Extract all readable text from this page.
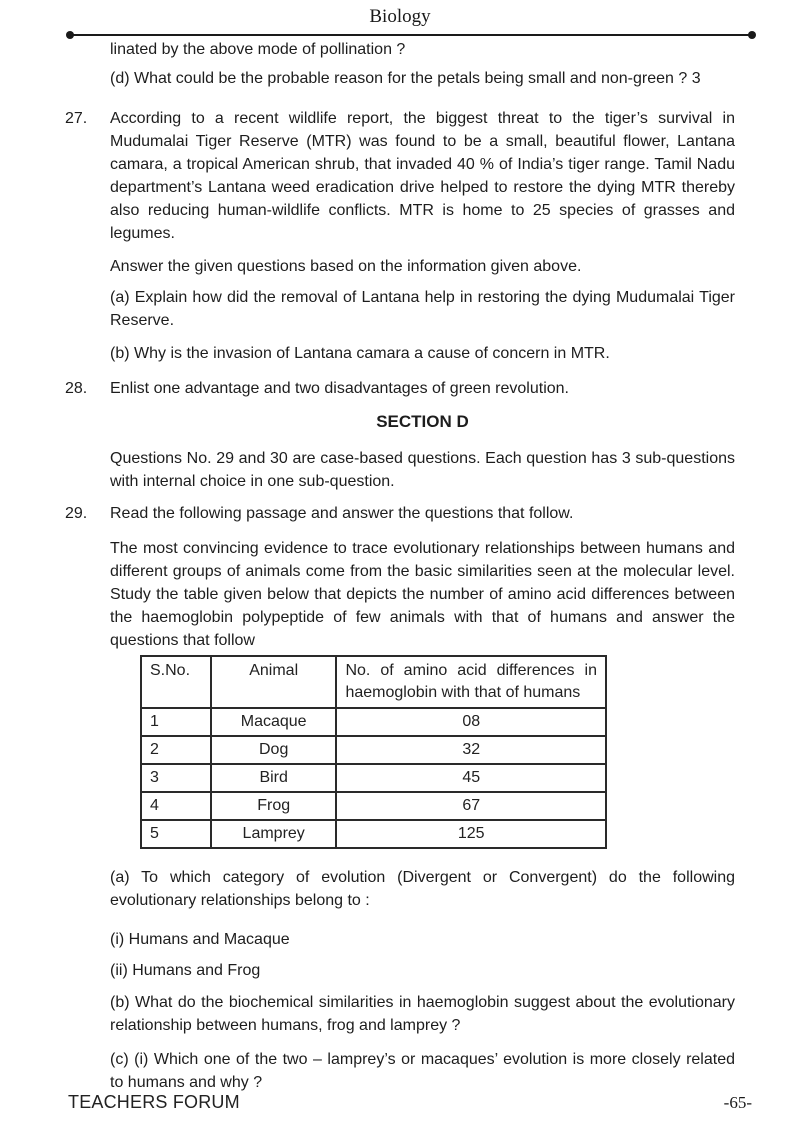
Biology

linated by the above mode of pollination ?

(d) What could be the probable reason for the petals being small and non-green ? 3

27. According to a recent wildlife report, the biggest threat to the tiger’s survival in Mudumalai Tiger Reserve (MTR) was found to be a small, beautiful flower, Lantana camara, a tropical American shrub, that invaded 40 % of India’s tiger range. Tamil Nadu department’s Lantana weed eradication drive helped to restore the dying MTR thereby also reducing human-wildlife conflicts. MTR is home to 25 species of grasses and legumes.

Answer the given questions based on the information given above.

(a) Explain how did the removal of Lantana help in restoring the dying Mudumalai Tiger Reserve.

(b) Why is the invasion of Lantana camara a cause of concern in MTR.

28. Enlist one advantage and two disadvantages of green revolution.
SECTION D

Questions No. 29 and 30 are case-based questions. Each question has 3 sub-questions with internal choice in one sub-question.

29. Read the following passage and answer the questions that follow.

The most convincing evidence to trace evolutionary relationships between humans and different groups of animals come from the basic similarities seen at the molecular level. Study the table given below that depicts the number of amino acid differences between the haemoglobin polypeptide of few animals with that of humans and answer the questions that follow

S.No.	Animal	No. of amino acid differences in haemoglobin with that of humans
1	Macaque	08
2	Dog	32
3	Bird	45
4	Frog	67
5	Lamprey	125

(a) To which category of evolution (Divergent or Convergent) do the following evolutionary relationships belong to :

(i) Humans and Macaque

(ii) Humans and Frog

(b) What do the biochemical similarities in haemoglobin suggest about the evolutionary relationship between humans, frog and lamprey ?

(c) (i) Which one of the two – lamprey’s or macaques’ evolution is more closely related to humans and why ?

TEACHERS FORUM	-65-
